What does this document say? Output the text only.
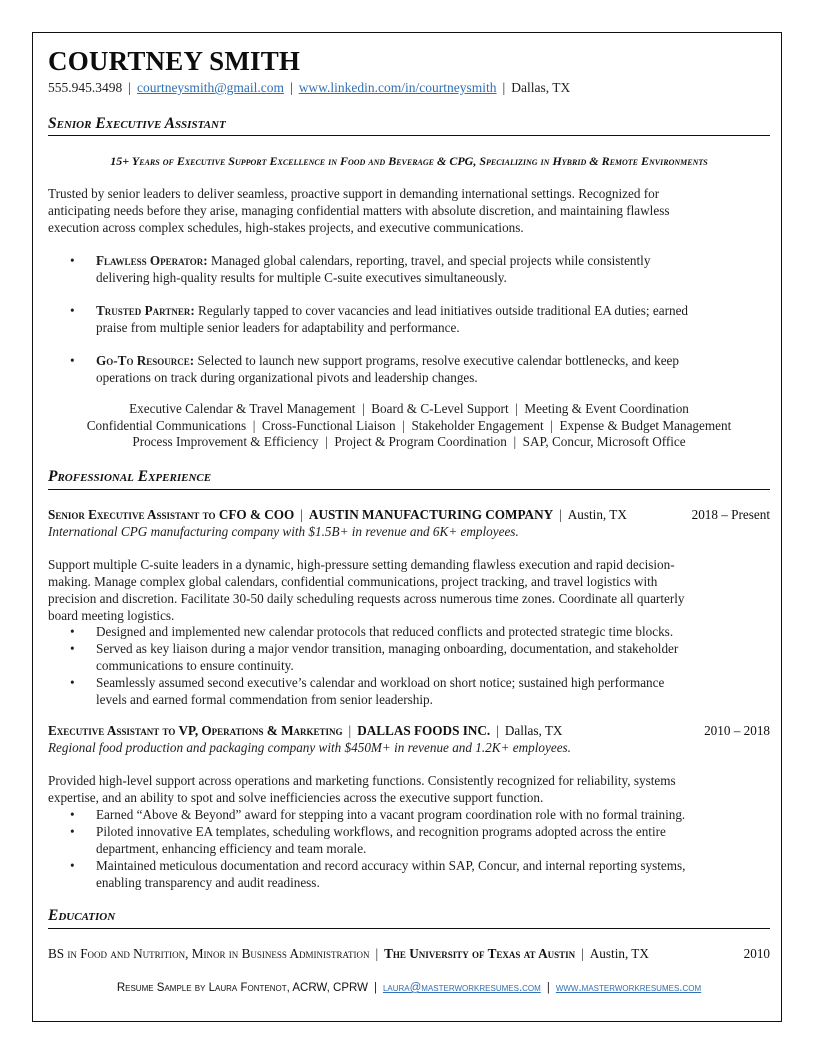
COURTNEY SMITH
555.945.3498 | courtneysmith@gmail.com | www.linkedin.com/in/courtneysmith | Dallas, TX
Senior Executive Assistant
15+ Years of Executive Support Excellence in Food and Beverage & CPG, Specializing in Hybrid & Remote Environments
Trusted by senior leaders to deliver seamless, proactive support in demanding international settings. Recognized for
anticipating needs before they arise, managing confidential matters with absolute discretion, and maintaining flawless
execution across complex schedules, high-stakes projects, and executive communications.
• Flawless Operator: Managed global calendars, reporting, travel, and special projects while consistently
delivering high-quality results for multiple C-suite executives simultaneously.
• Trusted Partner: Regularly tapped to cover vacancies and lead initiatives outside traditional EA duties; earned
praise from multiple senior leaders for adaptability and performance.
• Go-To Resource: Selected to launch new support programs, resolve executive calendar bottlenecks, and keep
operations on track during organizational pivots and leadership changes.
Executive Calendar & Travel Management  |  Board & C-Level Support  |  Meeting & Event Coordination
Confidential Communications  |  Cross-Functional Liaison  |  Stakeholder Engagement  |  Expense & Budget Management
Process Improvement & Efficiency  |  Project & Program Coordination  |  SAP, Concur, Microsoft Office
Professional Experience
Senior Executive Assistant to CFO & COO | AUSTIN MANUFACTURING COMPANY | Austin, TX	2018 – Present
International CPG manufacturing company with $1.5B+ in revenue and 6K+ employees.
Support multiple C-suite leaders in a dynamic, high-pressure setting demanding flawless execution and rapid decision-
making. Manage complex global calendars, confidential communications, project tracking, and travel logistics with
precision and discretion. Facilitate 30-50 daily scheduling requests across numerous time zones. Coordinate all quarterly
board meeting logistics.
• Designed and implemented new calendar protocols that reduced conflicts and protected strategic time blocks.
• Served as key liaison during a major vendor transition, managing onboarding, documentation, and stakeholder
communications to ensure continuity.
• Seamlessly assumed second executive’s calendar and workload on short notice; sustained high performance
levels and earned formal commendation from senior leadership.
Executive Assistant to VP, Operations & Marketing | DALLAS FOODS INC. | Dallas, TX	2010 – 2018
Regional food production and packaging company with $450M+ in revenue and 1.2K+ employees.
Provided high-level support across operations and marketing functions. Consistently recognized for reliability, systems
expertise, and an ability to spot and solve inefficiencies across the executive support function.
• Earned “Above & Beyond” award for stepping into a vacant program coordination role with no formal training.
• Piloted innovative EA templates, scheduling workflows, and recognition programs adopted across the entire
department, enhancing efficiency and team morale.
• Maintained meticulous documentation and record accuracy within SAP, Concur, and internal reporting systems,
enabling transparency and audit readiness.
Education
BS in Food and Nutrition, Minor in Business Administration | The University of Texas at Austin | Austin, TX	2010
Resume Sample by Laura Fontenot, ACRW, CPRW | laura@masterworkresumes.com | www.masterworkresumes.com
